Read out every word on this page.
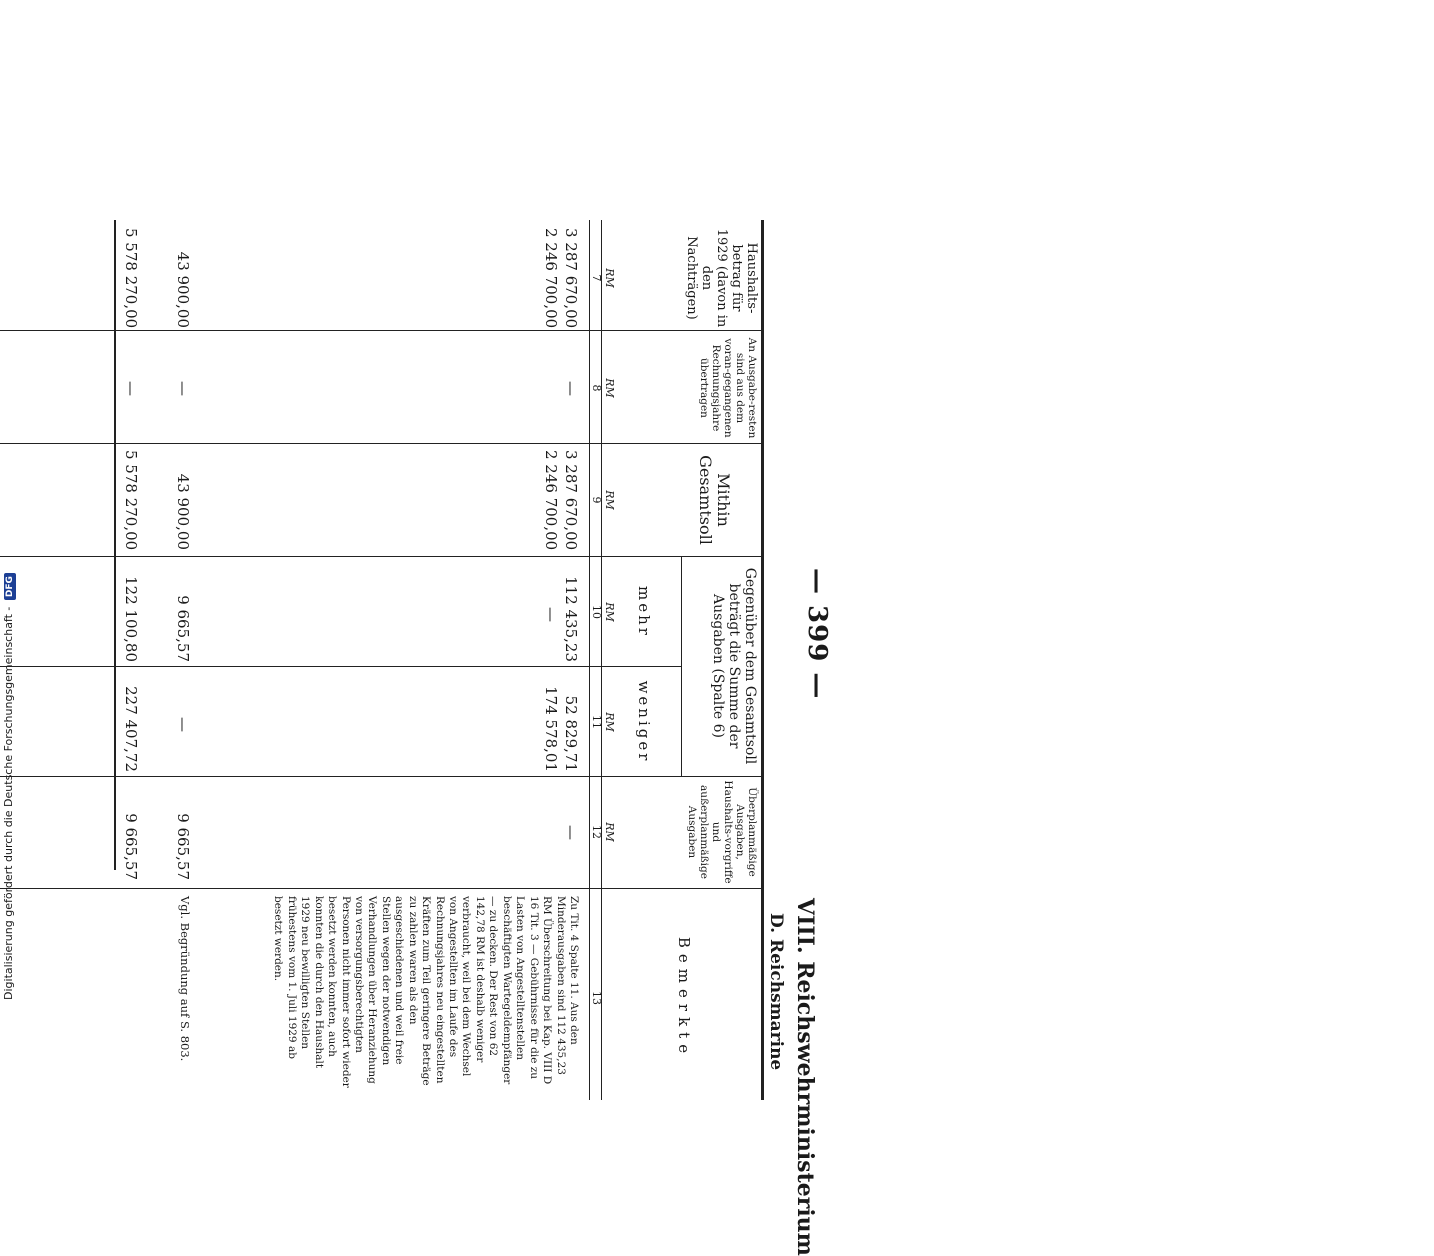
— 399 —
VIII. Reichswehrministerium
D. Reichsmarine
Haushalts-betrag für 1929 (davon in den Nachträgen)
An Ausgabe-resten sind aus dem voran-gegangenen Rechnungsjahre übertragen
Mithin Gesamtsoll
Gegenüber dem Gesamtsoll beträgt die Summe der Ausgaben (Spalte 6)
mehr
weniger
Überplanmäßige Ausgaben, Haushalts-vorgriffe und außerplanmäßige Ausgaben
Bemerkte
RM
RM
RM
RM
RM
RM
7
8
9
10
11
12
13
3 287 670,00
—
3 287 670,00
112 435,23
52 829,71
—
2 246 700,00
2 246 700,00
—
174 578,01
43 900,00
—
43 900,00
9 665,57
—
9 665,57
5 578 270,00
—
5 578 270,00
122 100,80
227 407,72
9 665,57
Zu Tit. 4 Spalte 11. Aus den Minderausgaben sind 112 435,23 RM Überschreitung bei Kap. VIII D 16 Tit. 3 — Gebührnisse für die zu Lasten von Angestelltenstellen beschäftigten Wartegeldempfänger — zu decken. Der Rest von 62 142,78 RM ist deshalb weniger verbraucht, weil bei dem Wechsel von Angestellten im Laufe des Rechnungsjahres neu eingestellten Kräften zum Teil geringere Beträge zu zahlen waren als den ausgeschiedenen und weil freie Stellen wegen der notwendigen Verhandlungen über Heranziehung von versorgungsberechtigten Personen nicht immer sofort wieder besetzt werden konnten, auch konnten die durch den Haushalt 1929 neu bewilligten Stellen frühestens vom 1. Juli 1929 ab besetzt werden.
Vgl. Begründung auf S. 803.
Digitalisierung gefördert durch die Deutsche Forschungsgemeinschaft - DFG
